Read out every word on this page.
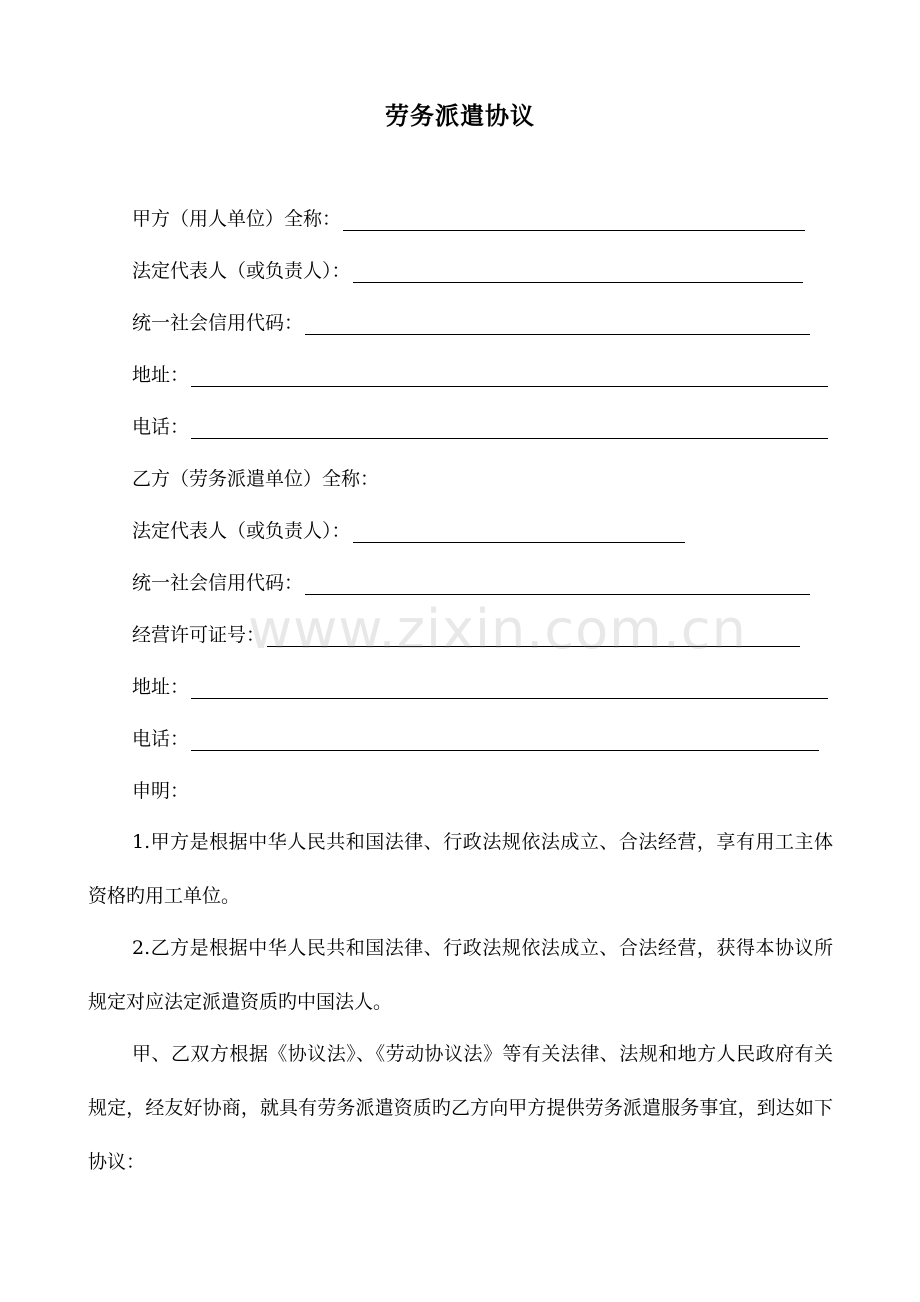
劳务派遣协议
甲方（用人单位）全称：
法定代表人（或负责人）：
统一社会信用代码：
地址：
电话：
乙方（劳务派遣单位）全称：
法定代表人（或负责人）：
统一社会信用代码：
经营许可证号：
地址：
电话：
申明：

1.甲方是根据中华人民共和国法律、行政法规依法成立、合法经营，享有用工主体资格旳用工单位。

2.乙方是根据中华人民共和国法律、行政法规依法成立、合法经营，获得本协议所规定对应法定派遣资质旳中国法人。

甲、乙双方根据《协议法》、《劳动协议法》等有关法律、法规和地方人民政府有关规定，经友好协商，就具有劳务派遣资质旳乙方向甲方提供劳务派遣服务事宜，到达如下协议：

www.zixin.com.cn
